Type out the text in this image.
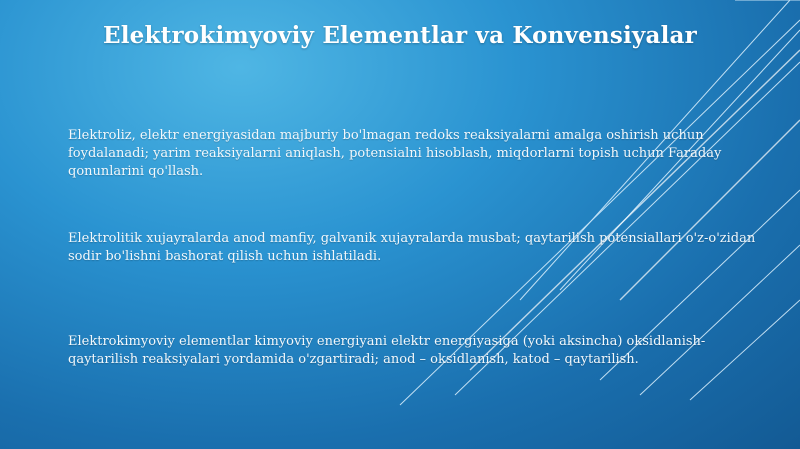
Elektrokimyoviy Elementlar va Konvensiyalar
Elektroliz, elektr energiyasidan majburiy bo'lmagan redoks reaksiyalarni amalga oshirish uchun foydalanadi; yarim reaksiyalarni aniqlash, potensialni hisoblash, miqdorlarni topish uchun Faraday qonunlarini qo'llash.
Elektrolitik xujayralarda anod manfiy, galvanik xujayralarda musbat; qaytarilish potensiallari o'z-o'zidan sodir bo'lishni bashorat qilish uchun ishlatiladi.
Elektrokimyoviy elementlar kimyoviy energiyani elektr energiyasiga (yoki aksincha) oksidlanish-qaytarilish reaksiyalari yordamida o'zgartiradi; anod – oksidlanish, katod – qaytarilish.
